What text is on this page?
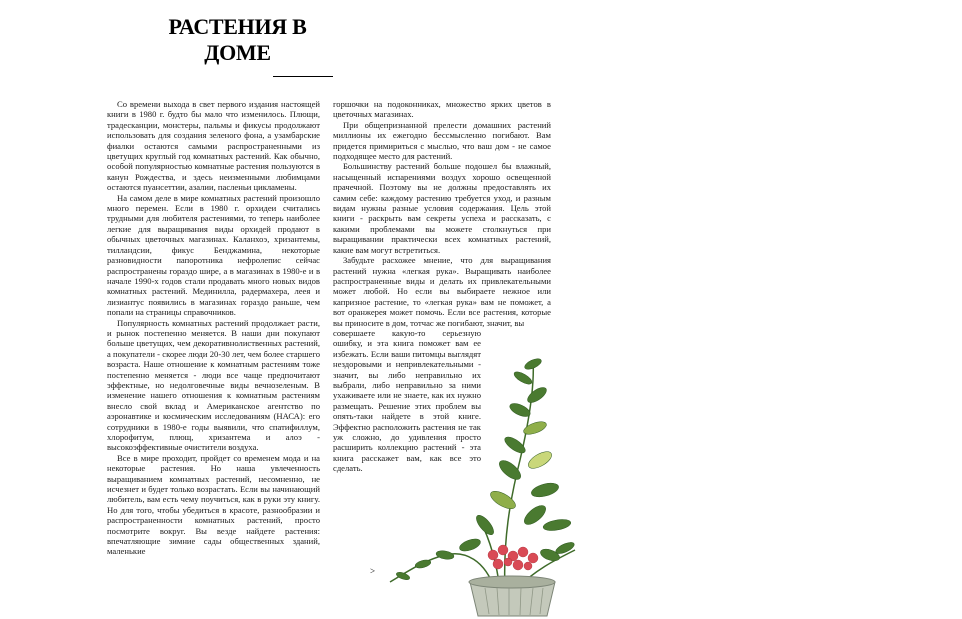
РАСТЕНИЯ В
ДОМЕ

Со времени выхода в свет первого издания настоящей книги в 1980 г. будто бы мало что изменилось. Плющи, традесканции, монстеры, пальмы и фикусы продолжают использовать для создания зеленого фона, а узамбарские фиалки остаются самыми распространенными из цветущих круглый год комнатных растений. Как обычно, особой популярностью комнатные растения пользуются в канун Рождества, и здесь неизменными любимцами остаются пуансеттии, азалии, пасленьи цикламены.

На самом деле в мире комнатных растений произошло много перемен. Если в 1980 г. орхидеи считались трудными для любителя растениями, то теперь наиболее легкие для выращивания виды орхидей продают в обычных цветочных магазинах. Каланхоэ, хризантемы, тилландсии, фикус Бенджамина, некоторые разновидности папоротника нефролепис сейчас распространены гораздо шире, а в магазинах в 1980-е и в начале 1990-х годов стали продавать много новых видов комнатных растений. Мединилла, радермахера, леея и лизиантус появились в магазинах гораздо раньше, чем попали на страницы справочников.

Популярность комнатных растений продолжает расти, и рынок постепенно меняется. В наши дни покупают больше цветущих, чем декоративнолиственных растений, а покупатели - скорее люди 20-30 лет, чем более старшего возраста. Наше отношение к комнатным растениям тоже постепенно меняется - люди все чаще предпочитают эффектные, но недолговечные виды вечнозеленым. В изменение нашего отношения к комнатным растениям внесло свой вклад и Американское агентство по аэронавтике и космическим исследованиям (НАСА): его сотрудники в 1980-е годы выявили, что спатифиллум, хлорофитум, плющ, хризантема и алоэ - высокоэффективные очистители воздуха.

Все в мире проходит, пройдет со временем мода и на некоторые растения. Но наша увлеченность выращиванием комнатных растений, несомненно, не исчезнет и будет только возрастать. Если вы начинающий любитель, вам есть чему поучиться, как в руки эту книгу. Но для того, чтобы убедиться в красоте, разнообразии и распространенности комнатных растений, просто посмотрите вокруг. Вы везде найдете растения: впечатляющие зимние сады общественных зданий, маленькие

горшочки на подоконниках, множество ярких цветов в цветочных магазинах.

При общепризнанной прелести домашних растений миллионы их ежегодно бессмысленно погибают. Вам придется примириться с мыслью, что ваш дом - не самое подходящее место для растений.

Большинству растений больше подошел бы влажный, насыщенный испарениями воздух хорошо освещенной прачечной. Поэтому вы не должны предоставлять их самим себе: каждому растению требуется уход, и разным видам нужны разные условия содержания. Цель этой книги - раскрыть вам секреты успеха и рассказать, с какими проблемами вы можете столкнуться при выращивании практически всех комнатных растений, какие вам могут встретиться.

Забудьте расхожее мнение, что для выращивания растений нужна «легкая рука». Выращивать наиболее распространенные виды и делать их привлекательными может любой. Но если вы выбираете нежное или капризное растение, то «легкая рука» вам не поможет, а вот оранжерея может помочь. Если все растения, которые вы приносите в дом, тотчас же погибают, значит, вы

совершаете какую-то серьезную ошибку, и эта книга поможет вам ее избежать. Если ваши питомцы выглядят нездоровыми и непривлекательными - значит, вы либо неправильно их выбрали, либо неправильно за ними ухаживаете или не знаете, как их нужно размещать. Решение этих проблем вы опять-таки найдете в этой книге. Эффектно расположить растения не так уж сложно, до удивления просто расширить коллекцию растений - эта книга расскажет вам, как все это сделать.

>
